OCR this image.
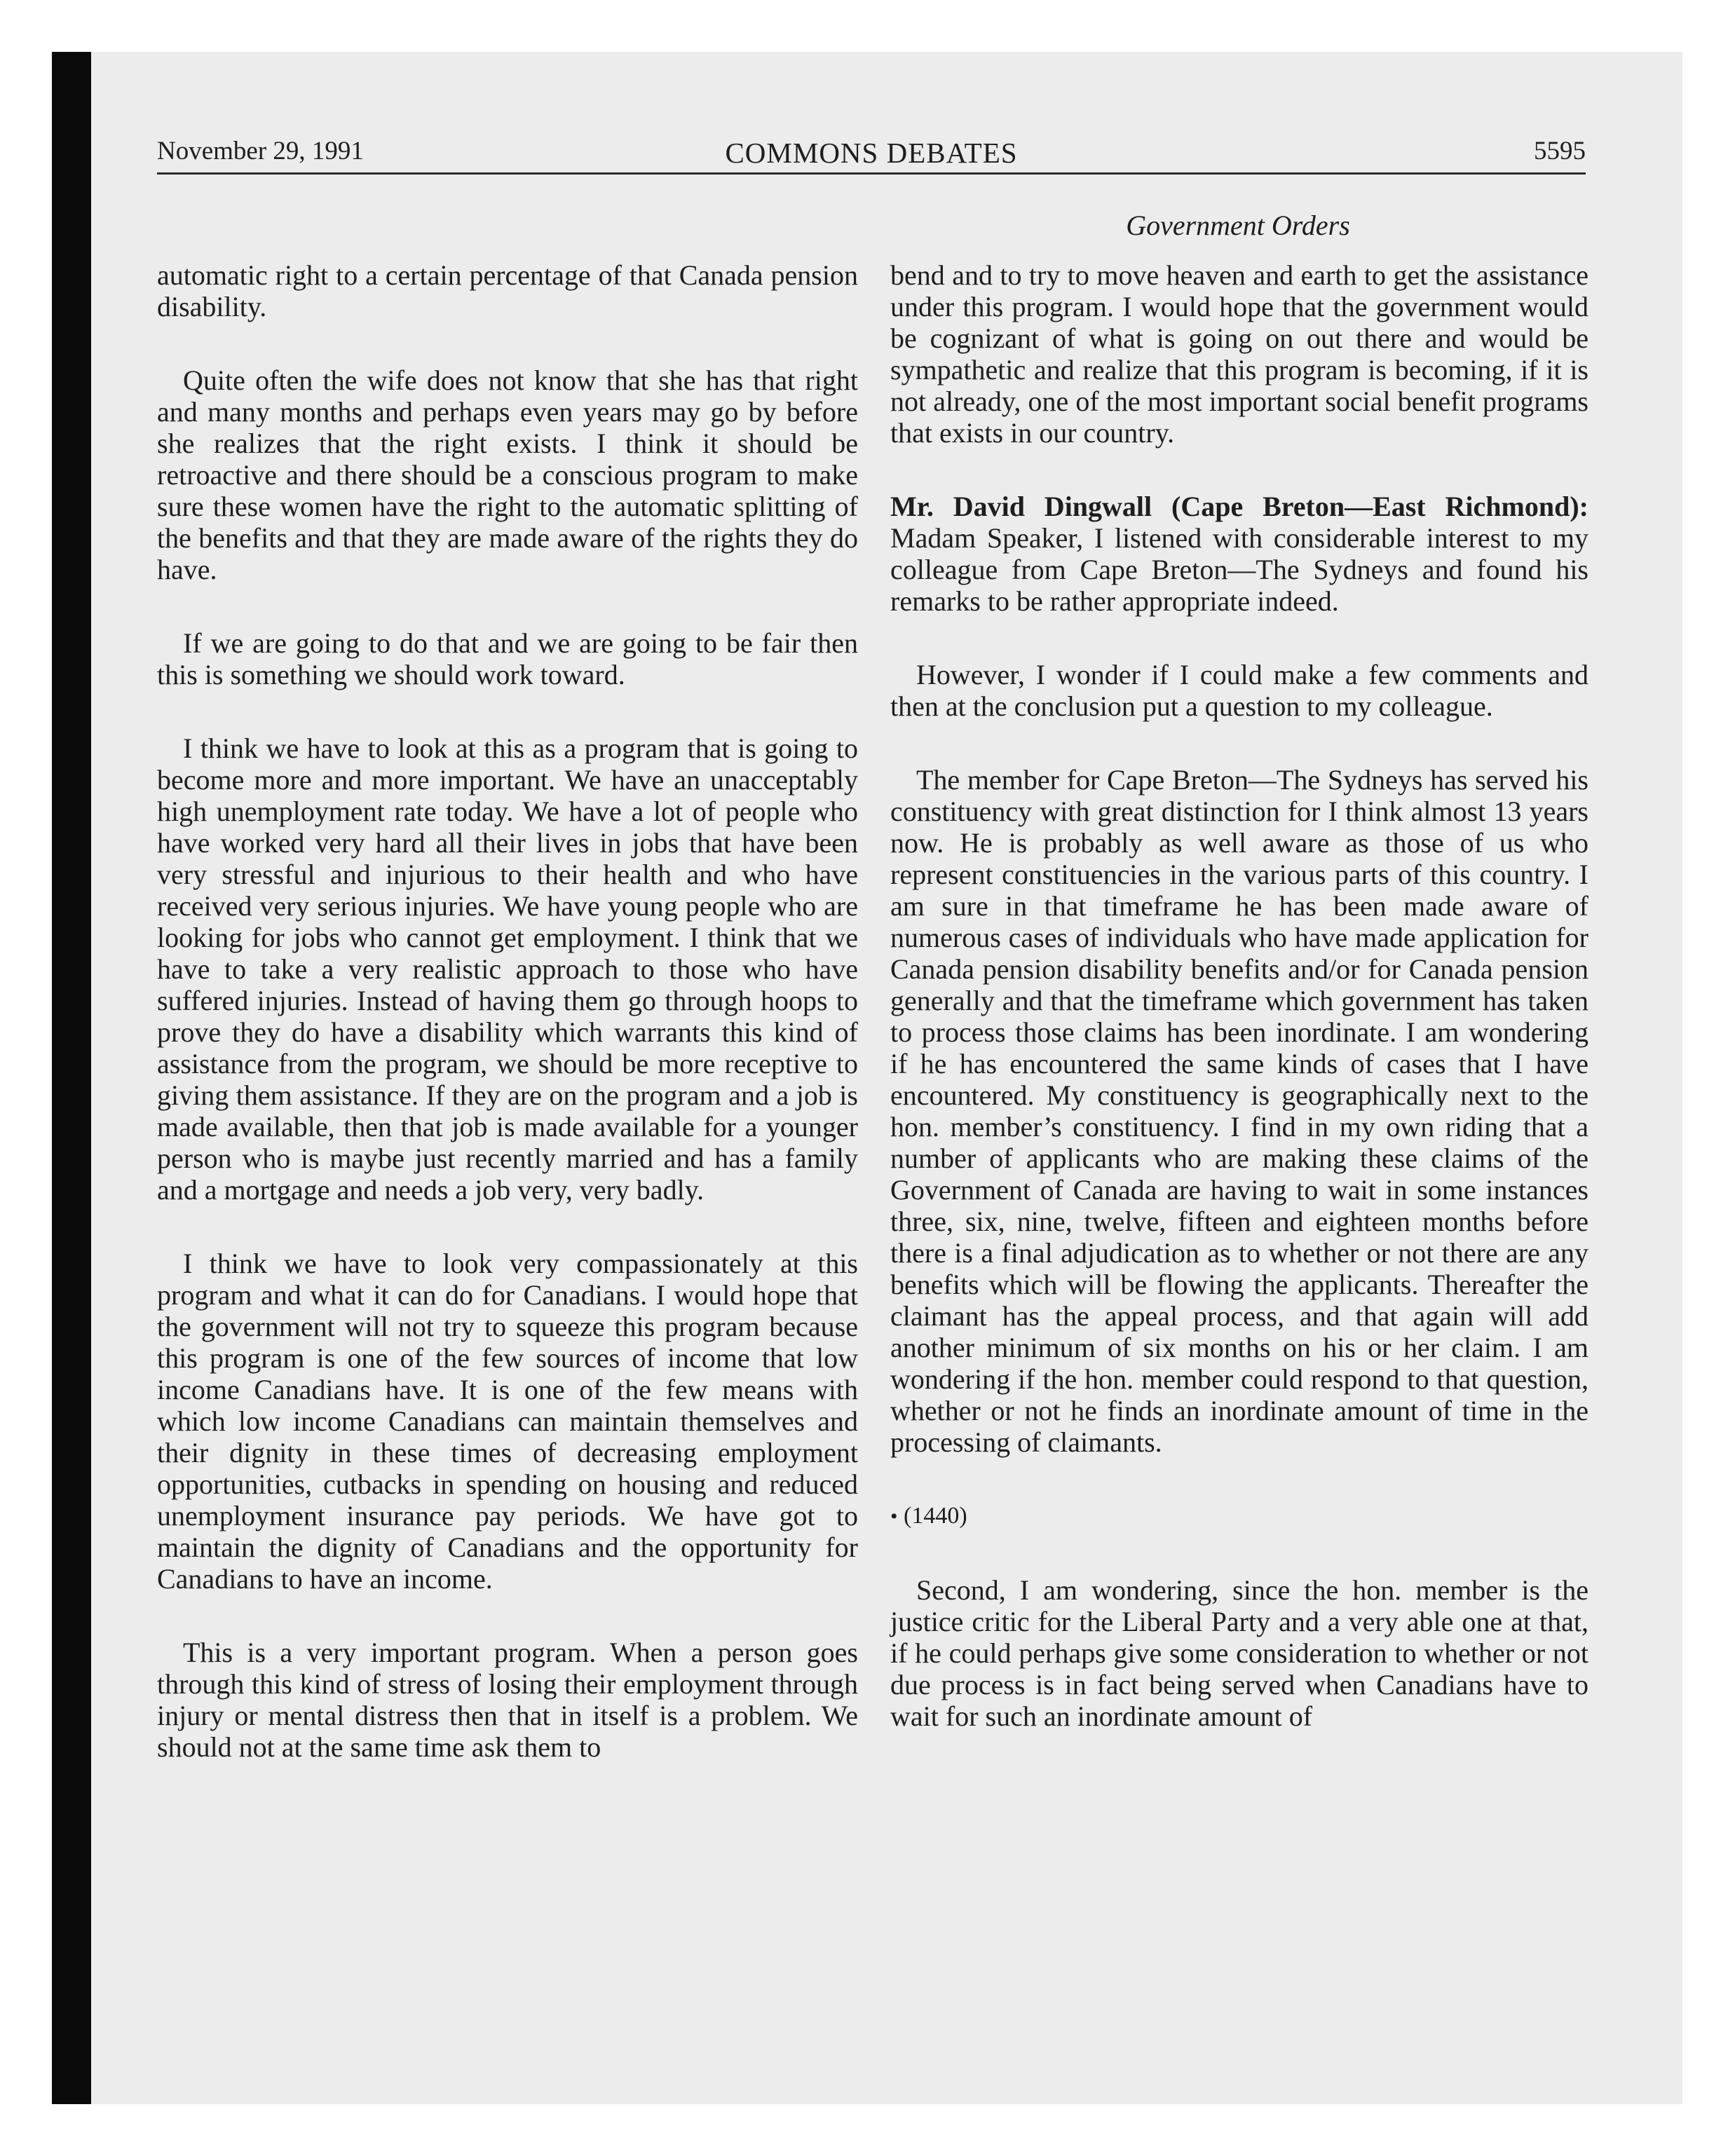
November 29, 1991	COMMONS DEBATES	5595
Government Orders

automatic right to a certain percentage of that Canada pension disability.

Quite often the wife does not know that she has that right and many months and perhaps even years may go by before she realizes that the right exists. I think it should be retroactive and there should be a conscious program to make sure these women have the right to the automatic splitting of the benefits and that they are made aware of the rights they do have.

If we are going to do that and we are going to be fair then this is something we should work toward.

I think we have to look at this as a program that is going to become more and more important. We have an unacceptably high unemployment rate today. We have a lot of people who have worked very hard all their lives in jobs that have been very stressful and injurious to their health and who have received very serious injuries. We have young people who are looking for jobs who cannot get employment. I think that we have to take a very realistic approach to those who have suffered injuries. Instead of having them go through hoops to prove they do have a disability which warrants this kind of assistance from the program, we should be more receptive to giving them assistance. If they are on the program and a job is made available, then that job is made available for a younger person who is maybe just recently married and has a family and a mortgage and needs a job very, very badly.

I think we have to look very compassionately at this program and what it can do for Canadians. I would hope that the government will not try to squeeze this program because this program is one of the few sources of income that low income Canadians have. It is one of the few means with which low income Canadians can maintain themselves and their dignity in these times of decreasing employment opportunities, cutbacks in spending on housing and reduced unemployment insurance pay periods. We have got to maintain the dignity of Canadians and the opportunity for Canadians to have an income.

This is a very important program. When a person goes through this kind of stress of losing their employment through injury or mental distress then that in itself is a problem. We should not at the same time ask them to

bend and to try to move heaven and earth to get the assistance under this program. I would hope that the government would be cognizant of what is going on out there and would be sympathetic and realize that this program is becoming, if it is not already, one of the most important social benefit programs that exists in our country.

Mr. David Dingwall (Cape Breton—East Richmond): Madam Speaker, I listened with considerable interest to my colleague from Cape Breton—The Sydneys and found his remarks to be rather appropriate indeed.

However, I wonder if I could make a few comments and then at the conclusion put a question to my colleague.

The member for Cape Breton—The Sydneys has served his constituency with great distinction for I think almost 13 years now. He is probably as well aware as those of us who represent constituencies in the various parts of this country. I am sure in that timeframe he has been made aware of numerous cases of individuals who have made application for Canada pension disability benefits and/or for Canada pension generally and that the timeframe which government has taken to process those claims has been inordinate. I am wondering if he has encountered the same kinds of cases that I have encountered. My constituency is geographically next to the hon. member’s constituency. I find in my own riding that a number of applicants who are making these claims of the Government of Canada are having to wait in some instances three, six, nine, twelve, fifteen and eighteen months before there is a final adjudication as to whether or not there are any benefits which will be flowing the applicants. Thereafter the claimant has the appeal process, and that again will add another minimum of six months on his or her claim. I am wondering if the hon. member could respond to that question, whether or not he finds an inordinate amount of time in the processing of claimants.

• (1440)

Second, I am wondering, since the hon. member is the justice critic for the Liberal Party and a very able one at that, if he could perhaps give some consideration to whether or not due process is in fact being served when Canadians have to wait for such an inordinate amount of
